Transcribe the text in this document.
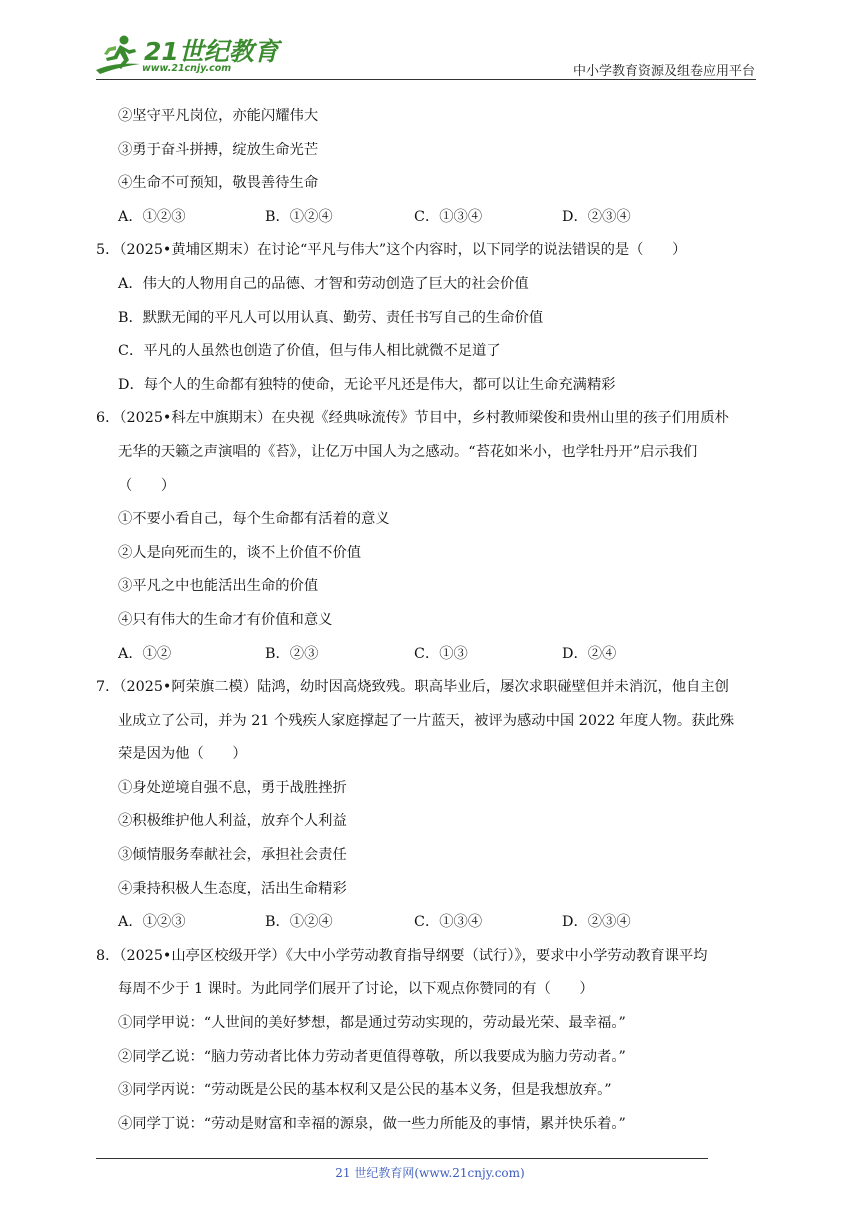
21世纪教育
www.21cnjy.com	中小学教育资源及组卷应用平台
②坚守平凡岗位，亦能闪耀伟大
③勇于奋斗拼搏，绽放生命光芒
④生命不可预知，敬畏善待生命
A．①②③	B．①②④	C．①③④	D．②③④
5．（2025•黄埔区期末）在讨论“平凡与伟大”这个内容时，以下同学的说法错误的是（　　）
A．伟大的人物用自己的品德、才智和劳动创造了巨大的社会价值
B．默默无闻的平凡人可以用认真、勤劳、责任书写自己的生命价值
C．平凡的人虽然也创造了价值，但与伟人相比就微不足道了
D．每个人的生命都有独特的使命，无论平凡还是伟大，都可以让生命充满精彩
6．（2025•科左中旗期末）在央视《经典咏流传》节目中，乡村教师梁俊和贵州山里的孩子们用质朴
无华的天籁之声演唱的《苔》，让亿万中国人为之感动。“苔花如米小，也学牡丹开”启示我们
（　　）
①不要小看自己，每个生命都有活着的意义
②人是向死而生的，谈不上价值不价值
③平凡之中也能活出生命的价值
④只有伟大的生命才有价值和意义
A．①②	B．②③	C．①③	D．②④
7．（2025•阿荣旗二模）陆鸿，幼时因高烧致残。职高毕业后，屡次求职碰壁但并未消沉，他自主创
业成立了公司，并为 21 个残疾人家庭撑起了一片蓝天，被评为感动中国 2022 年度人物。获此殊
荣是因为他（　　）
①身处逆境自强不息，勇于战胜挫折
②积极维护他人利益，放弃个人利益
③倾情服务奉献社会，承担社会责任
④秉持积极人生态度，活出生命精彩
A．①②③	B．①②④	C．①③④	D．②③④
8．（2025•山亭区校级开学）《大中小学劳动教育指导纲要（试行）》，要求中小学劳动教育课平均
每周不少于 1 课时。为此同学们展开了讨论，以下观点你赞同的有（　　）
①同学甲说：“人世间的美好梦想，都是通过劳动实现的，劳动最光荣、最幸福。”
②同学乙说：“脑力劳动者比体力劳动者更值得尊敬，所以我要成为脑力劳动者。”
③同学丙说：“劳动既是公民的基本权利又是公民的基本义务，但是我想放弃。”
④同学丁说：“劳动是财富和幸福的源泉，做一些力所能及的事情，累并快乐着。”
21 世纪教育网(www.21cnjy.com)
